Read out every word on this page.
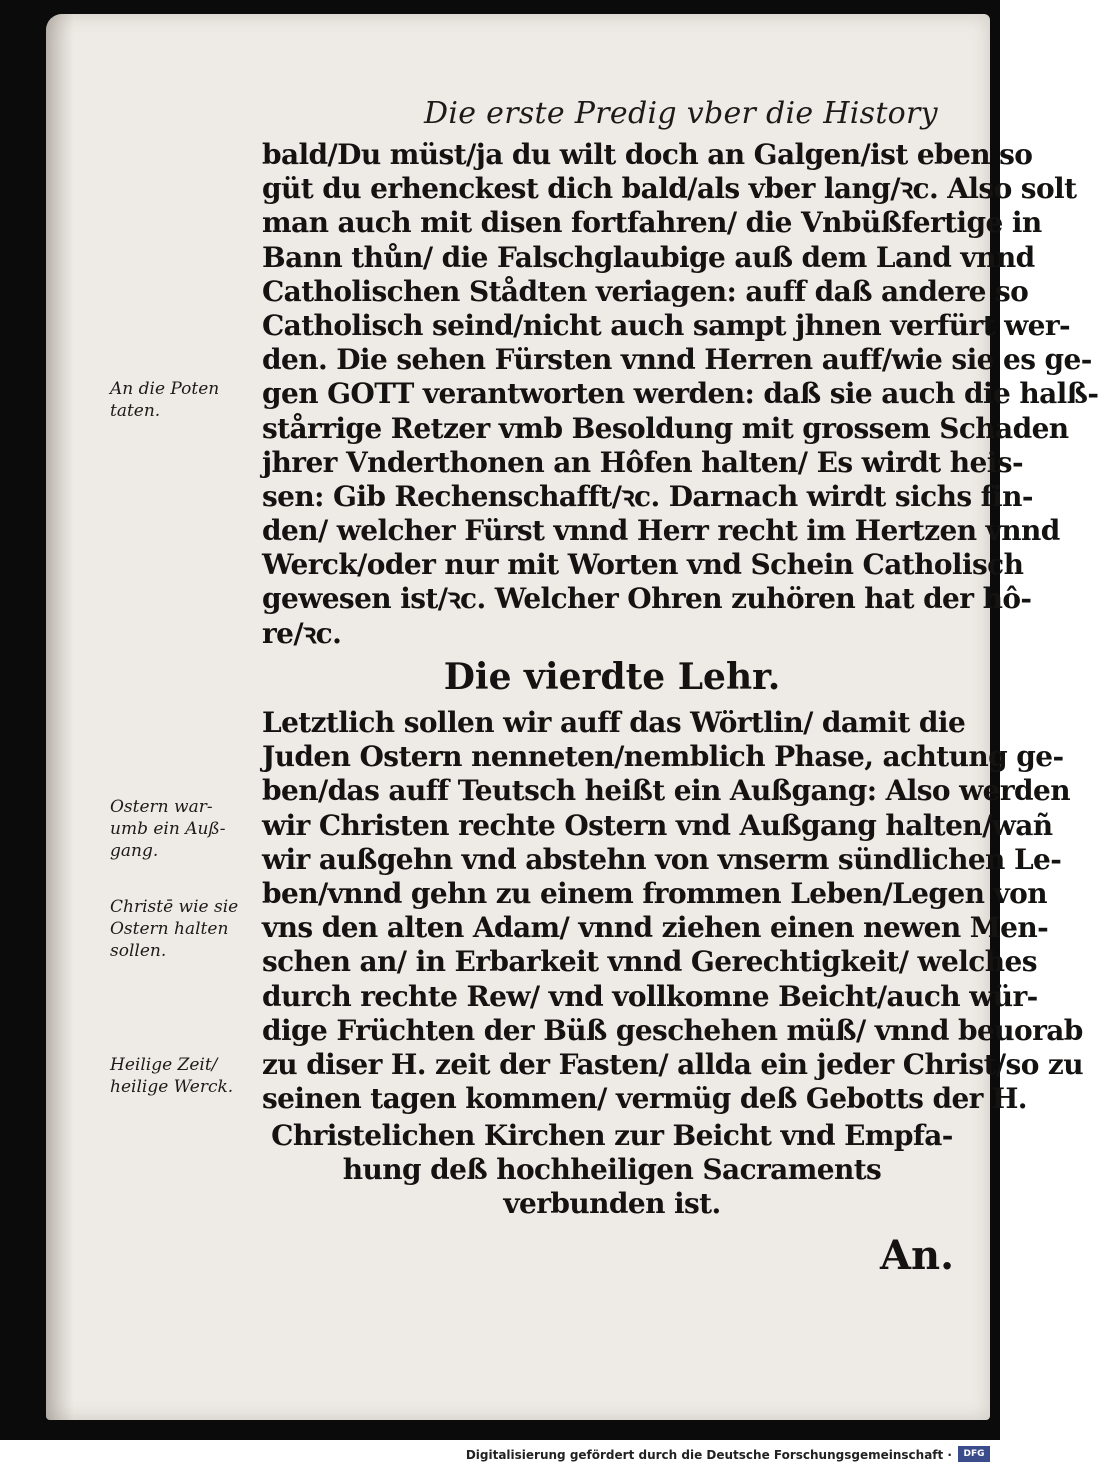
Die erste Predig vber die History
bald/Du müst/ja du wilt doch an Galgen/ist eben so
güt du erhenckest dich bald/als vber lang/ꝛc. Also solt
man auch mit disen fortfahren/ die Vnbüßfertige in
Bann thůn/ die Falschglaubige auß dem Land vnnd
Catholischen Stådten veriagen: auff daß andere so
Catholisch seind/nicht auch sampt jhnen verfürt wer-
den. Die sehen Fürsten vnnd Herren auff/wie sie es ge-
gen GOTT verantworten werden: daß sie auch die halß-
stårrige Retzer vmb Besoldung mit grossem Schaden
jhrer Vnderthonen an Hôfen halten/ Es wirdt heis-
sen: Gib Rechenschafft/ꝛc. Darnach wirdt sichs fin-
den/ welcher Fürst vnnd Herr recht im Hertzen vnnd
Werck/oder nur mit Worten vnd Schein Catholisch
gewesen ist/ꝛc. Welcher Ohren zuhören hat der hô-
re/ꝛc.
Die vierdte Lehr.
Letztlich sollen wir auff das Wörtlin/ damit die
Juden Ostern nenneten/nemblich Phase, achtung ge-
ben/das auff Teutsch heißt ein Außgang: Also werden
wir Christen rechte Ostern vnd Außgang halten/wañ
wir außgehn vnd abstehn von vnserm sündlichen Le-
ben/vnnd gehn zu einem frommen Leben/Legen von
vns den alten Adam/ vnnd ziehen einen newen Men-
schen an/ in Erbarkeit vnnd Gerechtigkeit/ welches
durch rechte Rew/ vnd vollkomne Beicht/auch wür-
dige Früchten der Büß geschehen müß/ vnnd beuorab
zu diser H. zeit der Fasten/ allda ein jeder Christ/so zu
seinen tagen kommen/ vermüg deß Gebotts der H.
Christelichen Kirchen zur Beicht vnd Empfa-
hung deß hochheiligen Sacraments
verbunden ist.
An.
An die Poten
taten.
Ostern war-
umb ein Auß-
gang.
Christē wie sie
Ostern halten
sollen.
Heilige Zeit/
heilige Werck.
Digitalisierung gefördert durch die Deutsche Forschungsgemeinschaft ·	DFG
